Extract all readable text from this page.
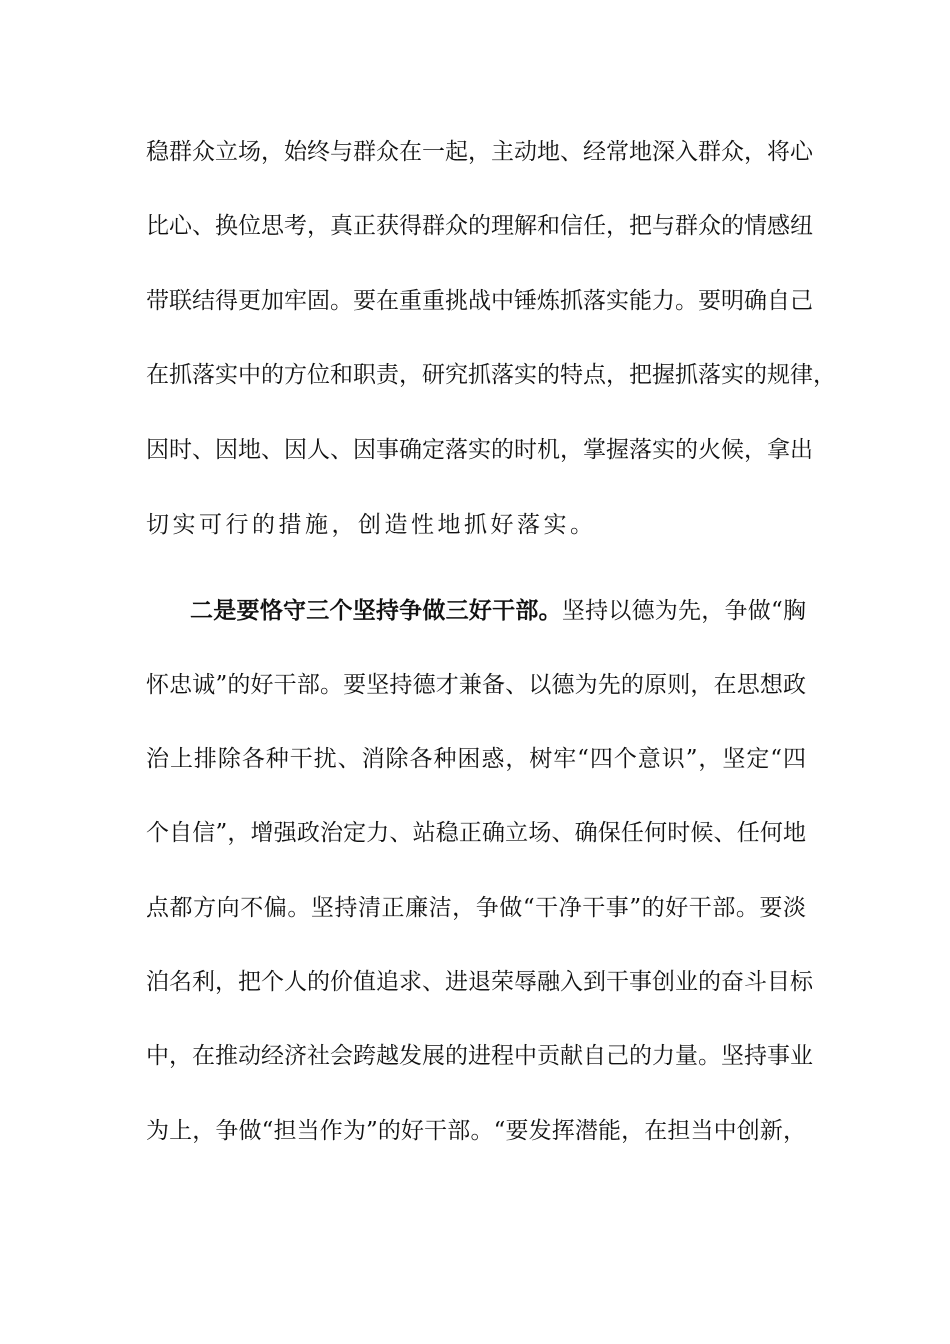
稳群众立场，始终与群众在一起，主动地、经常地深入群众，将心
比心、换位思考，真正获得群众的理解和信任，把与群众的情感纽
带联结得更加牢固。要在重重挑战中锤炼抓落实能力。要明确自己
在抓落实中的方位和职责，研究抓落实的特点，把握抓落实的规律，
因时、因地、因人、因事确定落实的时机，掌握落实的火候，拿出
切实可行的措施，创造性地抓好落实。
二是要恪守三个坚持争做三好干部。坚持以德为先，争做“胸
怀忠诚”的好干部。要坚持德才兼备、以德为先的原则，在思想政
治上排除各种干扰、消除各种困惑，树牢“四个意识”，坚定“四
个自信”，增强政治定力、站稳正确立场、确保任何时候、任何地
点都方向不偏。坚持清正廉洁，争做“干净干事”的好干部。要淡
泊名利，把个人的价值追求、进退荣辱融入到干事创业的奋斗目标
中，在推动经济社会跨越发展的进程中贡献自己的力量。坚持事业
为上，争做“担当作为”的好干部。“要发挥潜能，在担当中创新，
